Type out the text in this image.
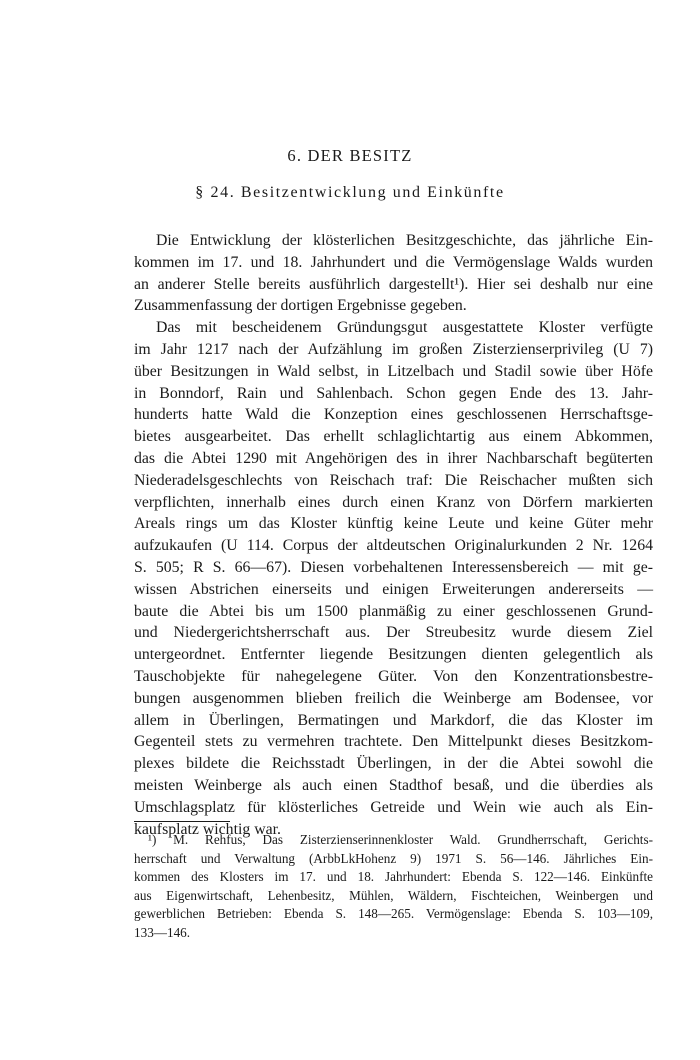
6. DER BESITZ
§ 24. Besitzentwicklung und Einkünfte
Die Entwicklung der klösterlichen Besitzgeschichte, das jährliche Ein-
kommen im 17. und 18. Jahrhundert und die Vermögenslage Walds wurden
an anderer Stelle bereits ausführlich dargestellt¹). Hier sei deshalb nur eine
Zusammenfassung der dortigen Ergebnisse gegeben.
Das mit bescheidenem Gründungsgut ausgestattete Kloster verfügte
im Jahr 1217 nach der Aufzählung im großen Zisterzienserprivileg (U 7)
über Besitzungen in Wald selbst, in Litzelbach und Stadil sowie über Höfe
in Bonndorf, Rain und Sahlenbach. Schon gegen Ende des 13. Jahr-
hunderts hatte Wald die Konzeption eines geschlossenen Herrschaftsge-
bietes ausgearbeitet. Das erhellt schlaglichtartig aus einem Abkommen,
das die Abtei 1290 mit Angehörigen des in ihrer Nachbarschaft begüterten
Niederadelsgeschlechts von Reischach traf: Die Reischacher mußten sich
verpflichten, innerhalb eines durch einen Kranz von Dörfern markierten
Areals rings um das Kloster künftig keine Leute und keine Güter mehr
aufzukaufen (U 114. Corpus der altdeutschen Originalurkunden 2 Nr. 1264
S. 505; R S. 66—67). Diesen vorbehaltenen Interessensbereich — mit ge-
wissen Abstrichen einerseits und einigen Erweiterungen andererseits —
baute die Abtei bis um 1500 planmäßig zu einer geschlossenen Grund-
und Niedergerichtsherrschaft aus. Der Streubesitz wurde diesem Ziel
untergeordnet. Entfernter liegende Besitzungen dienten gelegentlich als
Tauschobjekte für nahegelegene Güter. Von den Konzentrationsbestre-
bungen ausgenommen blieben freilich die Weinberge am Bodensee, vor
allem in Überlingen, Bermatingen und Markdorf, die das Kloster im
Gegenteil stets zu vermehren trachtete. Den Mittelpunkt dieses Besitzkom-
plexes bildete die Reichsstadt Überlingen, in der die Abtei sowohl die
meisten Weinberge als auch einen Stadthof besaß, und die überdies als
Umschlagsplatz für klösterliches Getreide und Wein wie auch als Ein-
kaufsplatz wichtig war.
¹) M. Rehfus, Das Zisterzienserinnenkloster Wald. Grundherrschaft, Gerichts-
herrschaft und Verwaltung (ArbbLkHohenz 9) 1971 S. 56—146. Jährliches Ein-
kommen des Klosters im 17. und 18. Jahrhundert: Ebenda S. 122—146. Einkünfte
aus Eigenwirtschaft, Lehenbesitz, Mühlen, Wäldern, Fischteichen, Weinbergen und
gewerblichen Betrieben: Ebenda S. 148—265. Vermögenslage: Ebenda S. 103—109,
133—146.
